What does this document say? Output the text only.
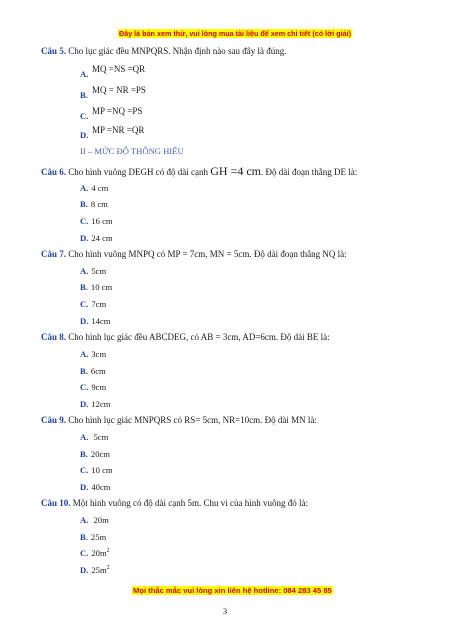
Đây là bản xem thử, vui lòng mua tài liệu để xem chi tiết (có lời giải)
Câu 5. Cho lục giác đều MNPQRS. Nhận định nào sau đây là đúng.
A. MQ =NS =QR
B. MQ = NR =PS
C. MP =NQ =PS
D. MP =NR =QR
II – MỨC ĐỘ THÔNG HIỂU
Câu 6. Cho hình vuông DEGH có độ dài cạnh GH =4 cm. Độ dài đoạn thẳng DE là:
A. 4 cm
B. 8 cm
C. 16 cm
D. 24 cm
Câu 7. Cho hình vuông MNPQ có MP = 7cm, MN = 5cm. Độ dài đoạn thẳng NQ là:
A. 5cm
B. 10 cm
C. 7cm
D. 14cm
Câu 8. Cho hình lục giác đều ABCDEG, có AB = 3cm, AD=6cm. Độ dài BE là:
A. 3cm
B. 6cm
C. 9cm
D. 12cm
Câu 9. Cho hình lục giác MNPQRS có RS= 5cm, NR=10cm. Độ dài MN là:
A. 5cm
B. 20cm
C. 10 cm
D. 40cm
Câu 10. Một hình vuông có độ dài cạnh 5m. Chu vi của hình vuông đó là:
A. 20m
B. 25m
C. $20m^2$
D. $25m^2$
Mọi thắc mắc vui lòng xin liên hệ hotline: 084 283 45 85
3
